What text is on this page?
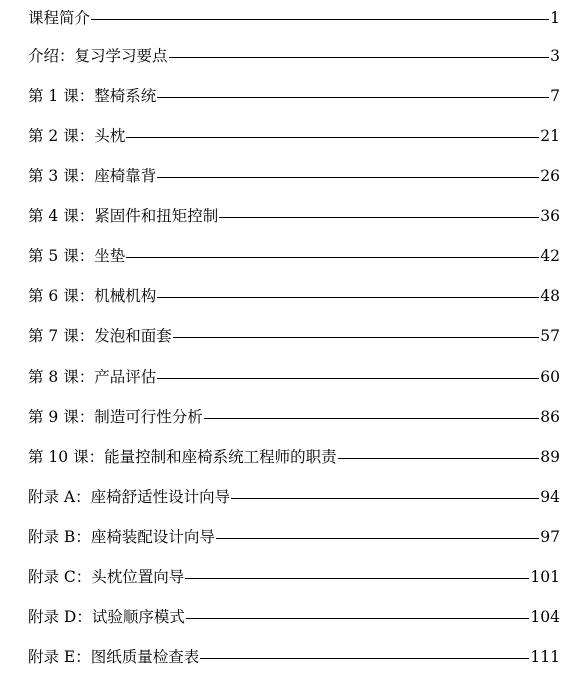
课程简介	1
介绍：复习学习要点	3
第 1 课：整椅系统	7
第 2 课：头枕	21
第 3 课：座椅靠背	26
第 4 课：紧固件和扭矩控制	36
第 5 课：坐垫	42
第 6 课：机械机构	48
第 7 课：发泡和面套	57
第 8 课：产品评估	60
第 9 课：制造可行性分析	86
第 10 课：能量控制和座椅系统工程师的职责	89
附录 A：座椅舒适性设计向导	94
附录 B：座椅装配设计向导	97
附录 C：头枕位置向导	101
附录 D：试验顺序模式	104
附录 E：图纸质量检查表	111
